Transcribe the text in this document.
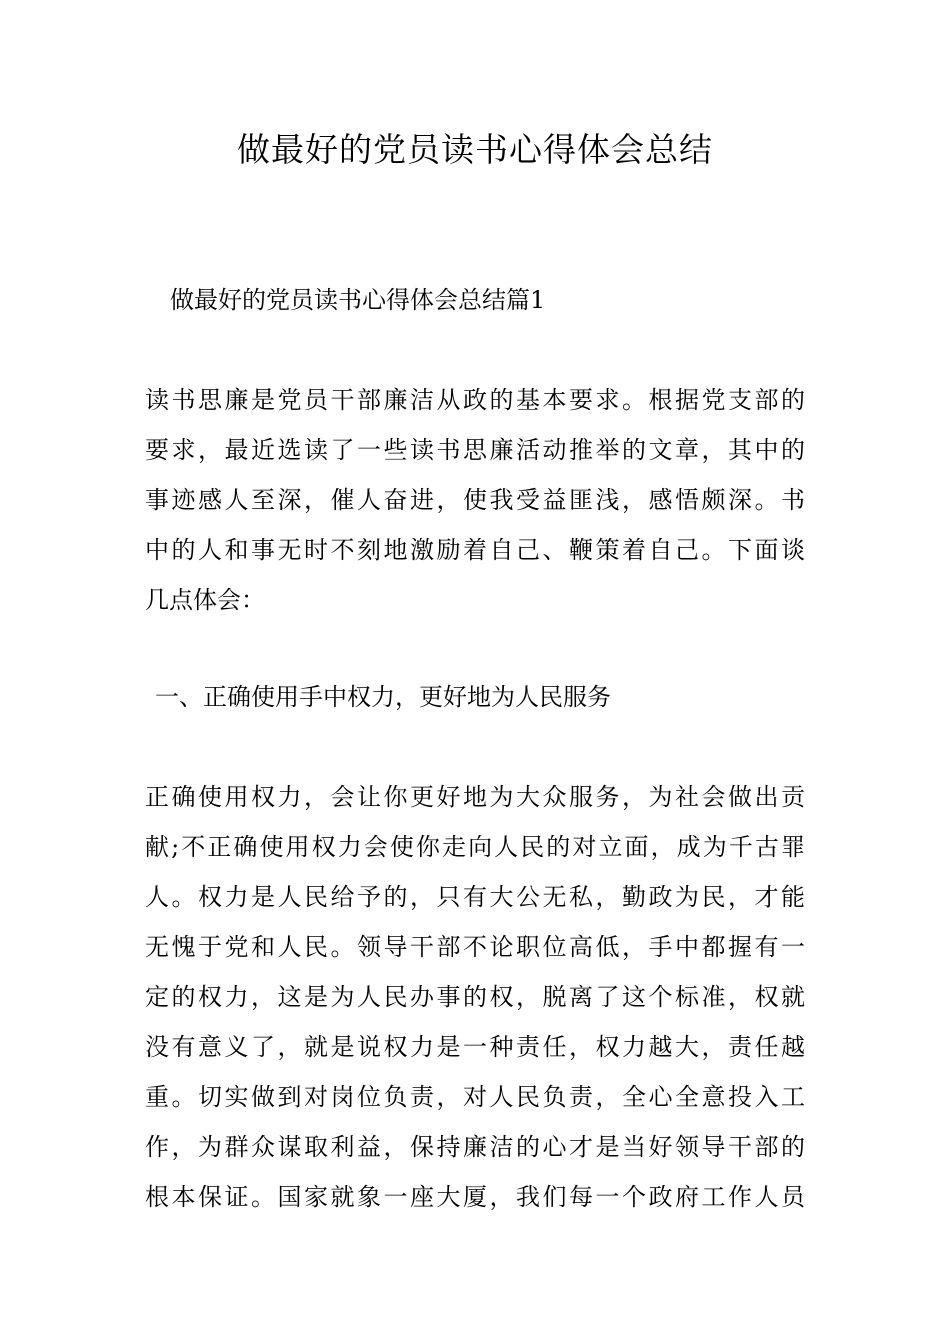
做最好的党员读书心得体会总结

做最好的党员读书心得体会总结篇1

读书思廉是党员干部廉洁从政的基本要求。根据党支部的
要求，最近选读了一些读书思廉活动推举的文章，其中的
事迹感人至深，催人奋进，使我受益匪浅，感悟颇深。书
中的人和事无时不刻地激励着自己、鞭策着自己。下面谈
几点体会：

一、正确使用手中权力，更好地为人民服务

正确使用权力，会让你更好地为大众服务，为社会做出贡
献;不正确使用权力会使你走向人民的对立面，成为千古罪
人。权力是人民给予的，只有大公无私，勤政为民，才能
无愧于党和人民。领导干部不论职位高低，手中都握有一
定的权力，这是为人民办事的权，脱离了这个标准，权就
没有意义了，就是说权力是一种责任，权力越大，责任越
重。切实做到对岗位负责，对人民负责，全心全意投入工
作，为群众谋取利益，保持廉洁的心才是当好领导干部的
根本保证。国家就象一座大厦，我们每一个政府工作人员
